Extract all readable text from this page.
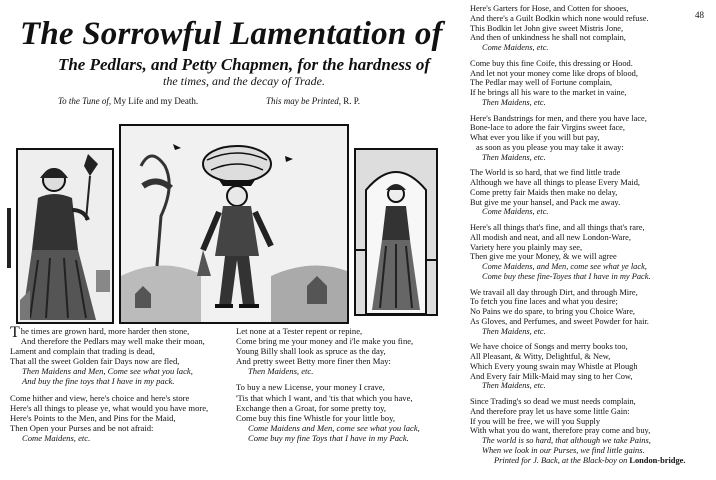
48
The Sorrowful Lamentation of
The Pedlars, and Petty Chapmen, for the hardness of
the times, and the decay of Trade.
To the Tune of, My Life and my Death.	This may be Printed, R. P.
T he times are grown hard, more harder then stone,
And therefore the Pedlars may well make their moan,
Lament and complain that trading is dead,
That all the sweet Golden fair Days now are fled,
Then Maidens and Men, Come see what you lack,
And buy the fine toys that I have in my pack.
Come hither and view, here's choice and here's store
Here's all things to please ye, what would you have more,
Here's Points to the Men, and Pins for the Maid,
Then Open your Purses and be not afraid:
Come Maidens, etc.
Let none at a Tester repent or repine,
Come bring me your money and i'le make you fine,
Young Billy shall look as spruce as the day,
And pretty sweet Betty more finer then May:
Then Maidens, etc.
To buy a new License, your money I crave,
'Tis that which I want, and 'tis that which you have,
Exchange then a Groat, for some pretty toy,
Come buy this fine Whistle for your little boy,
Come Maidens and Men, come see what you lack,
Come buy my fine Toys that I have in my Pack.
Here's Garters for Hose, and Cotten for shooes,
And there's a Guilt Bodkin which none would refuse.
This Bodkin let John give sweet Mistris Jone,
And then of unkindness he shall not complain,
Come Maidens, etc.
Come buy this fine Coife, this dressing or Hood.
And let not your money come like drops of blood,
The Pedlar may well of Fortune complain,
If he brings all his ware to the market in vaine,
Then Maidens, etc.
Here's Bandstrings for men, and there you have lace,
Bone-lace to adore the fair Virgins sweet face,
What ever you like if you will but pay,
as soon as you please you may take it away:
Then Maidens, etc.
The World is so hard, that we find little trade
Although we have all things to please Every Maid,
Come pretty fair Maids then make no delay,
But give me your hansel, and Pack me away.
Come Maidens, etc.
Here's all things that's fine, and all things that's rare,
All modish and neat, and all new London-Ware,
Variety here you plainly may see,
Then give me your Money, & we will agree
Come Maidens, and Men, come see what ye lack,
Come buy these fine-Toyes that I have in my Pack.
We travail all day through Dirt, and through Mire,
To fetch you fine laces and what you desire;
No Pains we do spare, to bring you Choice Ware,
As Gloves, and Perfumes, and sweet Powder for hair.
Then Maidens, etc.
We have choice of Songs and merry books too,
All Pleasant, & Witty, Delightful, & New,
Which Every young swain may Whistle at Plough
And Every fair Milk-Maid may sing to her Cow,
Then Maidens, etc.
Since Trading's so dead we must needs complain,
And therefore pray let us have some little Gain:
If you will be free, we will you Supply
With what you do want, therefore pray come and buy,
The world is so hard, that although we take Pains,
When we look in our Purses, we find little gains.
Printed for J. Back, at the Black-boy on London-bridge.
